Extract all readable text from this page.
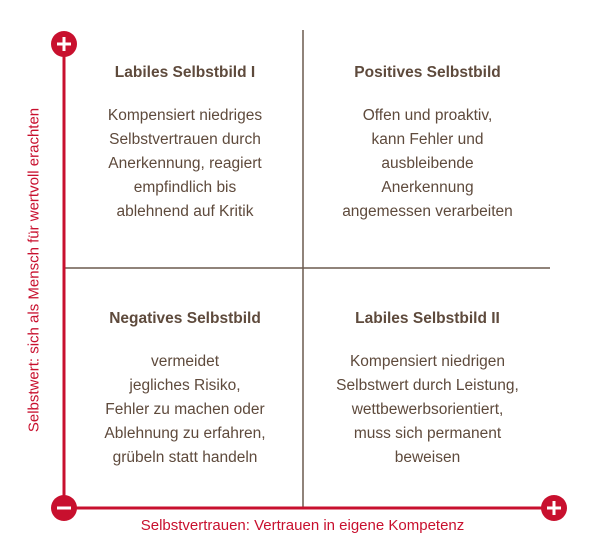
Selbstwert: sich als Mensch für wertvoll erachten
Selbstvertrauen: Vertrauen in eigene Kompetenz
Labiles Selbstbild I
Kompensiert niedriges
Selbstvertrauen durch
Anerkennung, reagiert
empfindlich bis
ablehnend auf Kritik
Positives Selbstbild
Offen und proaktiv,
kann Fehler und
ausbleibende
Anerkennung
angemessen verarbeiten
Negatives Selbstbild
vermeidet
jegliches Risiko,
Fehler zu machen oder
Ablehnung zu erfahren,
grübeln statt handeln
Labiles Selbstbild II
Kompensiert niedrigen
Selbstwert durch Leistung,
wettbewerbsorientiert,
muss sich permanent
beweisen
